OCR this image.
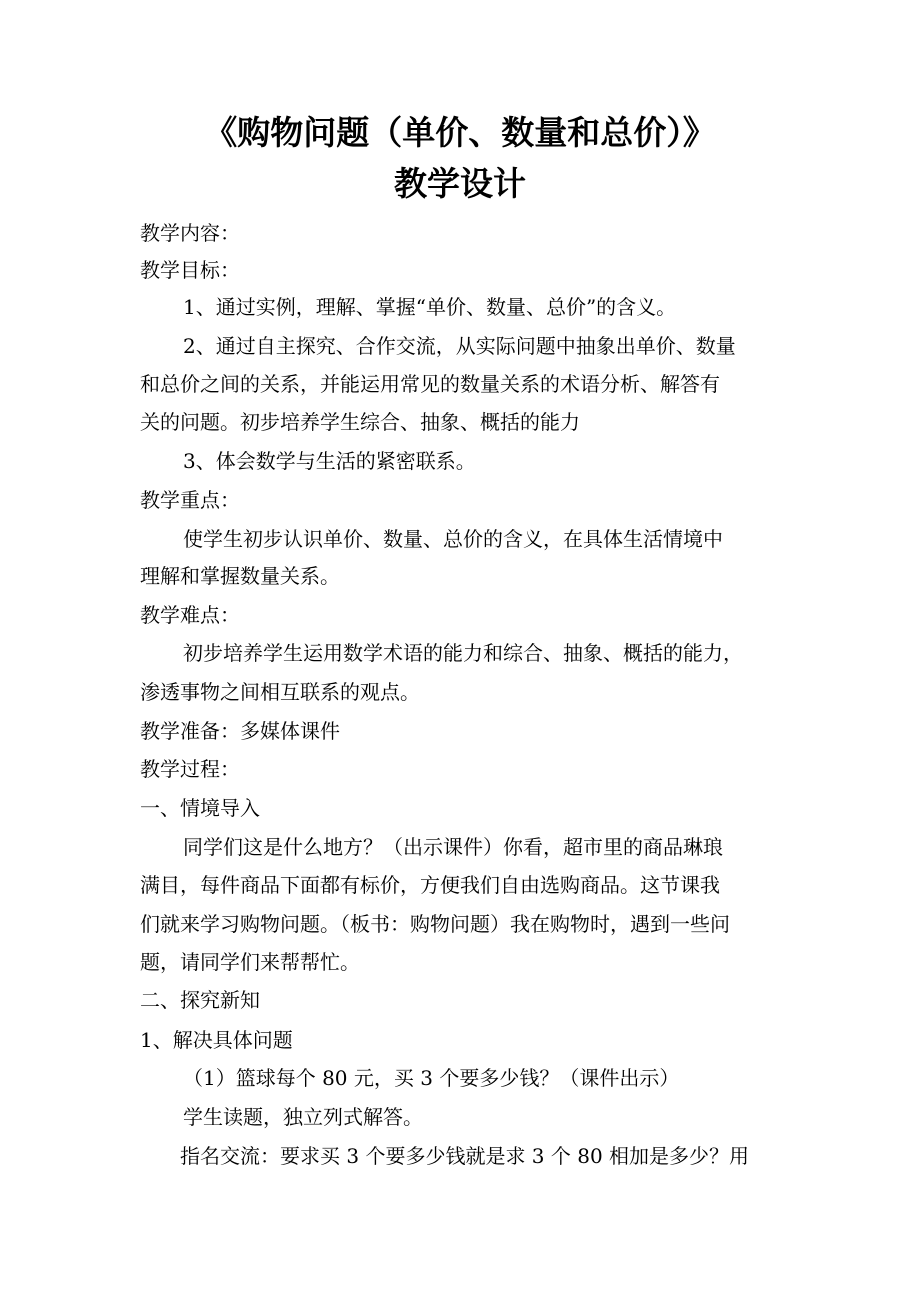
《购物问题（单价、数量和总价）》
教学设计
教学内容：
教学目标：
1、通过实例，理解、掌握“单价、数量、总价”的含义。
2、通过自主探究、合作交流，从实际问题中抽象出单价、数量
和总价之间的关系，并能运用常见的数量关系的术语分析、解答有
关的问题。初步培养学生综合、抽象、概括的能力
3、体会数学与生活的紧密联系。
教学重点：
使学生初步认识单价、数量、总价的含义，在具体生活情境中
理解和掌握数量关系。
教学难点：
初步培养学生运用数学术语的能力和综合、抽象、概括的能力，
渗透事物之间相互联系的观点。
教学准备：多媒体课件
教学过程：
一、情境导入
同学们这是什么地方？（出示课件）你看，超市里的商品琳琅
满目，每件商品下面都有标价，方便我们自由选购商品。这节课我
们就来学习购物问题。（板书：购物问题）我在购物时，遇到一些问
题，请同学们来帮帮忙。
二、探究新知
1、解决具体问题
（1）篮球每个 80 元，买 3 个要多少钱？（课件出示）
学生读题，独立列式解答。
指名交流：要求买 3 个要多少钱就是求 3 个 80 相加是多少？用
